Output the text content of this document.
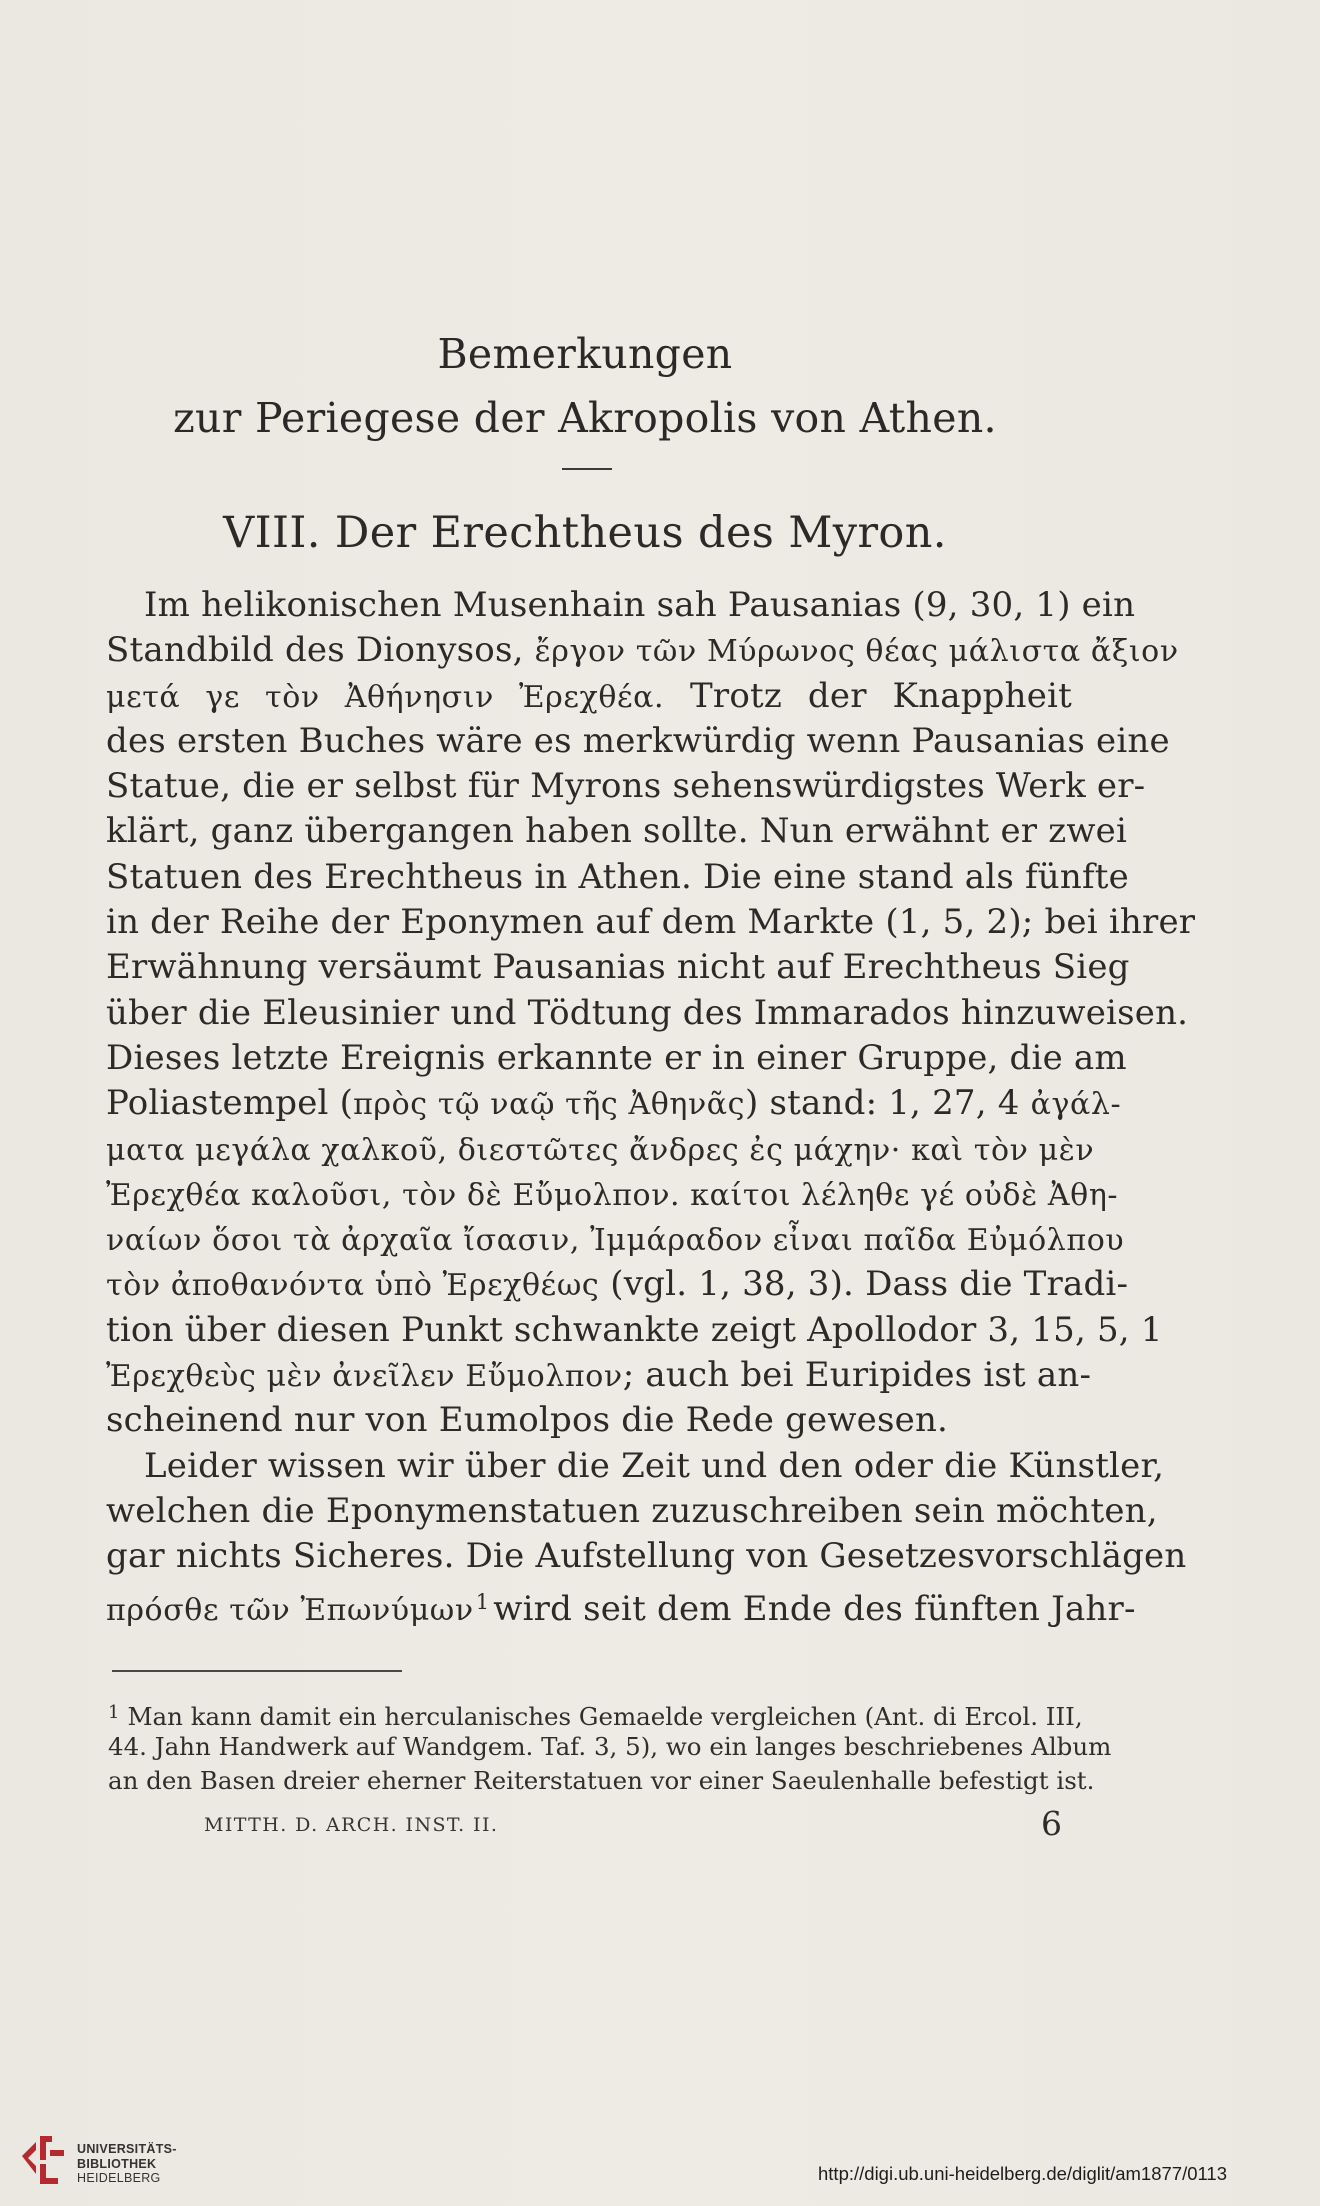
Bemerkungen
zur Periegese der Akropolis von Athen.
VIII. Der Erechtheus des Myron.
Im helikonischen Musenhain sah Pausanias (9, 30, 1) ein
Standbild des Dionysos, ἔργον τῶν Μύρωνος θέας μάλιστα ἄξιον
μετά γε τὸν Ἀθήνησιν Ἐρεχθέα. Trotz der Knappheit
des ersten Buches wäre es merkwürdig wenn Pausanias eine
Statue, die er selbst für Myrons sehenswürdigstes Werk er-
klärt, ganz übergangen haben sollte. Nun erwähnt er zwei
Statuen des Erechtheus in Athen. Die eine stand als fünfte
in der Reihe der Eponymen auf dem Markte (1, 5, 2); bei ihrer
Erwähnung versäumt Pausanias nicht auf Erechtheus Sieg
über die Eleusinier und Tödtung des Immarados hinzuweisen.
Dieses letzte Ereignis erkannte er in einer Gruppe, die am
Poliastempel (πρὸς τῷ ναῷ τῆς Ἀθηνᾶς) stand: 1, 27, 4 ἀγάλ-
ματα μεγάλα χαλκοῦ, διεστῶτες ἄνδρες ἐς μάχην· καὶ τὸν μὲν
Ἐρεχθέα καλοῦσι, τὸν δὲ Εὔμολπον. καίτοι λέληθε γέ οὐδὲ Ἀθη-
ναίων ὅσοι τὰ ἀρχαῖα ἴσασιν, Ἰμμάραδον εἶναι παῖδα Εὐμόλπου
τὸν ἀποθανόντα ὑπὸ Ἐρεχθέως (vgl. 1, 38, 3). Dass die Tradi-
tion über diesen Punkt schwankte zeigt Apollodor 3, 15, 5, 1
Ἐρεχθεὺς μὲν ἀνεῖλεν Εὔμολπον; auch bei Euripides ist an-
scheinend nur von Eumolpos die Rede gewesen.
Leider wissen wir über die Zeit und den oder die Künstler,
welchen die Eponymenstatuen zuzuschreiben sein möchten,
gar nichts Sicheres. Die Aufstellung von Gesetzesvorschlägen
πρόσθε τῶν Ἐπωνύμων$^1$ wird seit dem Ende des fünften Jahr-
$^1$ Man kann damit ein herculanisches Gemaelde vergleichen (Ant. di Ercol. III,
44. Jahn Handwerk auf Wandgem. Taf. 3, 5), wo ein langes beschriebenes Album
an den Basen dreier eherner Reiterstatuen vor einer Saeulenhalle befestigt ist.
MITTH. D. ARCH. INST. II.	6
UNIVERSITÄTS-
BIBLIOTHEK
HEIDELBERG	http://digi.ub.uni-heidelberg.de/diglit/am1877/0113
